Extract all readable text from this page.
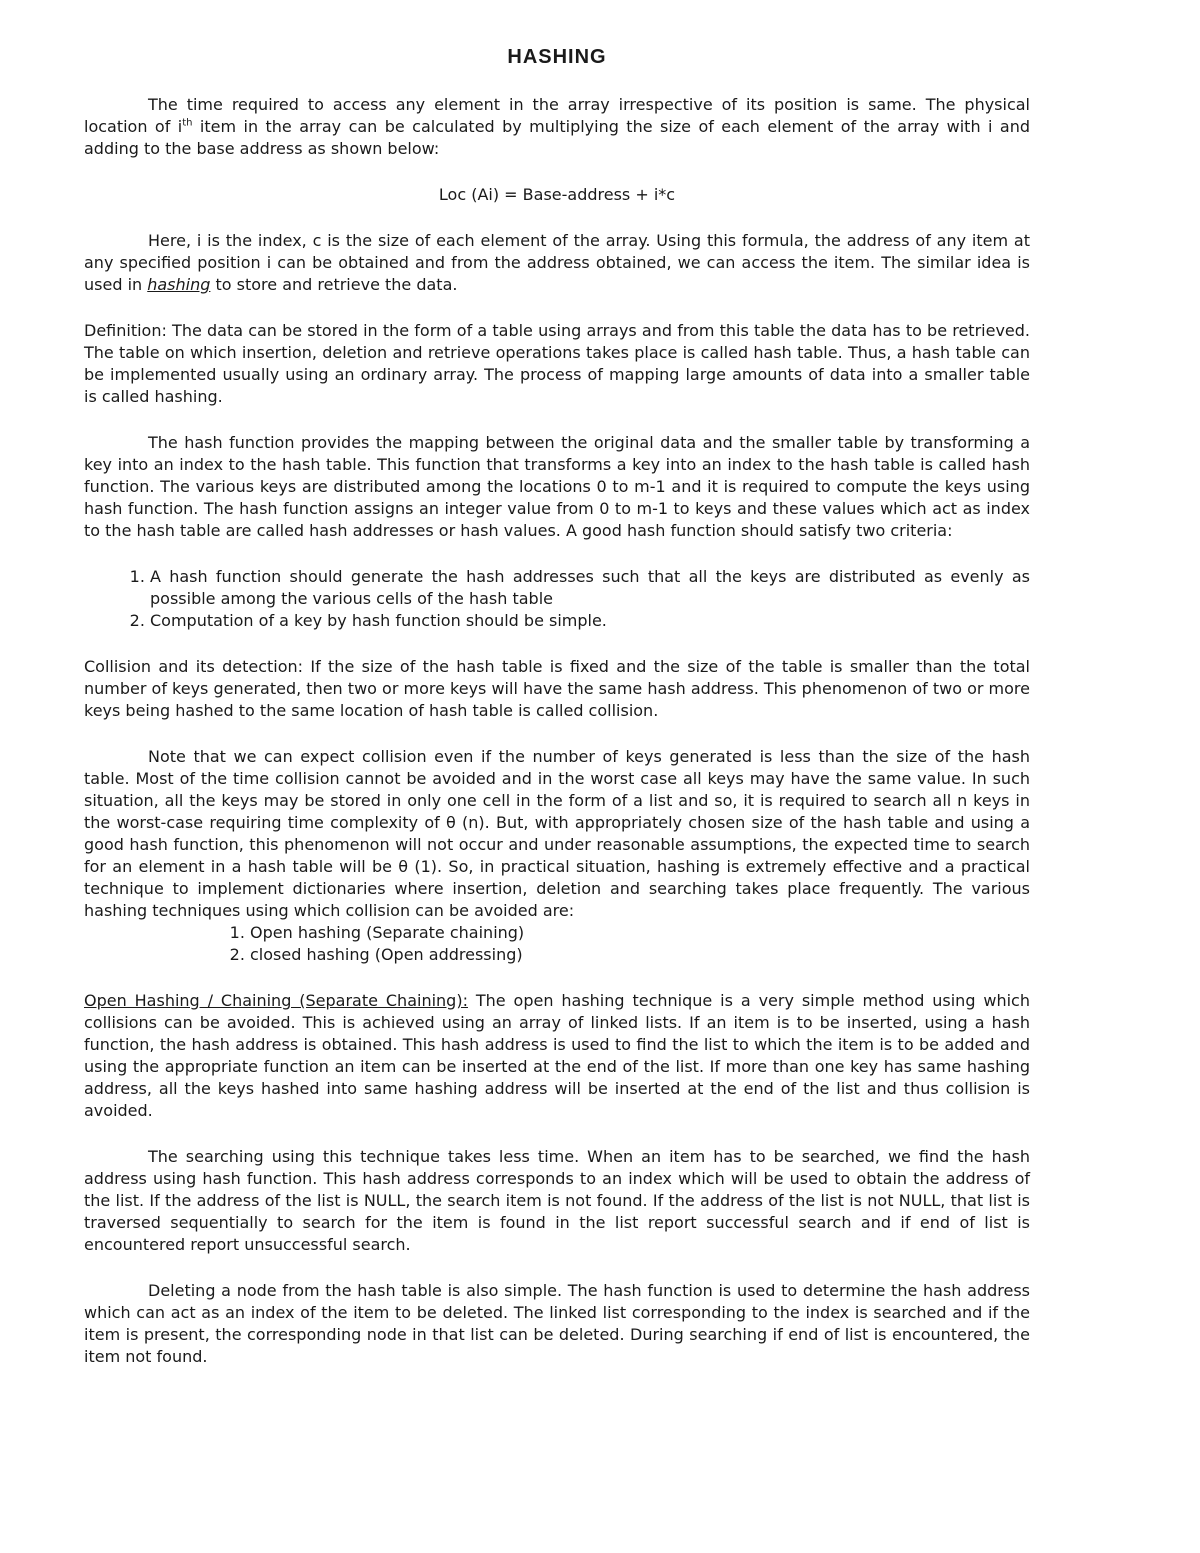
HASHING

The time required to access any element in the array irrespective of its position is same. The physical location of $i^{th}$ item in the array can be calculated by multiplying the size of each element of the array with i and adding to the base address as shown below:

Loc (Ai) = Base-address + i*c

Here, i is the index, c is the size of each element of the array. Using this formula, the address of any item at any specified position i can be obtained and from the address obtained, we can access the item. The similar idea is used in hashing to store and retrieve the data.

Definition: The data can be stored in the form of a table using arrays and from this table the data has to be retrieved. The table on which insertion, deletion and retrieve operations takes place is called hash table. Thus, a hash table can be implemented usually using an ordinary array. The process of mapping large amounts of data into a smaller table is called hashing.

The hash function provides the mapping between the original data and the smaller table by transforming a key into an index to the hash table. This function that transforms a key into an index to the hash table is called hash function. The various keys are distributed among the locations 0 to m-1 and it is required to compute the keys using hash function. The hash function assigns an integer value from 0 to m-1 to keys and these values which act as index to the hash table are called hash addresses or hash values. A good hash function should satisfy two criteria:

1. A hash function should generate the hash addresses such that all the keys are distributed as evenly as possible among the various cells of the hash table
2. Computation of a key by hash function should be simple.

Collision and its detection: If the size of the hash table is fixed and the size of the table is smaller than the total number of keys generated, then two or more keys will have the same hash address. This phenomenon of two or more keys being hashed to the same location of hash table is called collision.

Note that we can expect collision even if the number of keys generated is less than the size of the hash table. Most of the time collision cannot be avoided and in the worst case all keys may have the same value. In such situation, all the keys may be stored in only one cell in the form of a list and so, it is required to search all n keys in the worst-case requiring time complexity of θ (n). But, with appropriately chosen size of the hash table and using a good hash function, this phenomenon will not occur and under reasonable assumptions, the expected time to search for an element in a hash table will be θ (1). So, in practical situation, hashing is extremely effective and a practical technique to implement dictionaries where insertion, deletion and searching takes place frequently. The various hashing techniques using which collision can be avoided are:

1. Open hashing (Separate chaining)
2. closed hashing (Open addressing)

Open Hashing / Chaining (Separate Chaining): The open hashing technique is a very simple method using which collisions can be avoided. This is achieved using an array of linked lists. If an item is to be inserted, using a hash function, the hash address is obtained. This hash address is used to find the list to which the item is to be added and using the appropriate function an item can be inserted at the end of the list. If more than one key has same hashing address, all the keys hashed into same hashing address will be inserted at the end of the list and thus collision is avoided.

The searching using this technique takes less time. When an item has to be searched, we find the hash address using hash function. This hash address corresponds to an index which will be used to obtain the address of the list. If the address of the list is NULL, the search item is not found. If the address of the list is not NULL, that list is traversed sequentially to search for the item is found in the list report successful search and if end of list is encountered report unsuccessful search.

Deleting a node from the hash table is also simple. The hash function is used to determine the hash address which can act as an index of the item to be deleted. The linked list corresponding to the index is searched and if the item is present, the corresponding node in that list can be deleted. During searching if end of list is encountered, the item not found.
